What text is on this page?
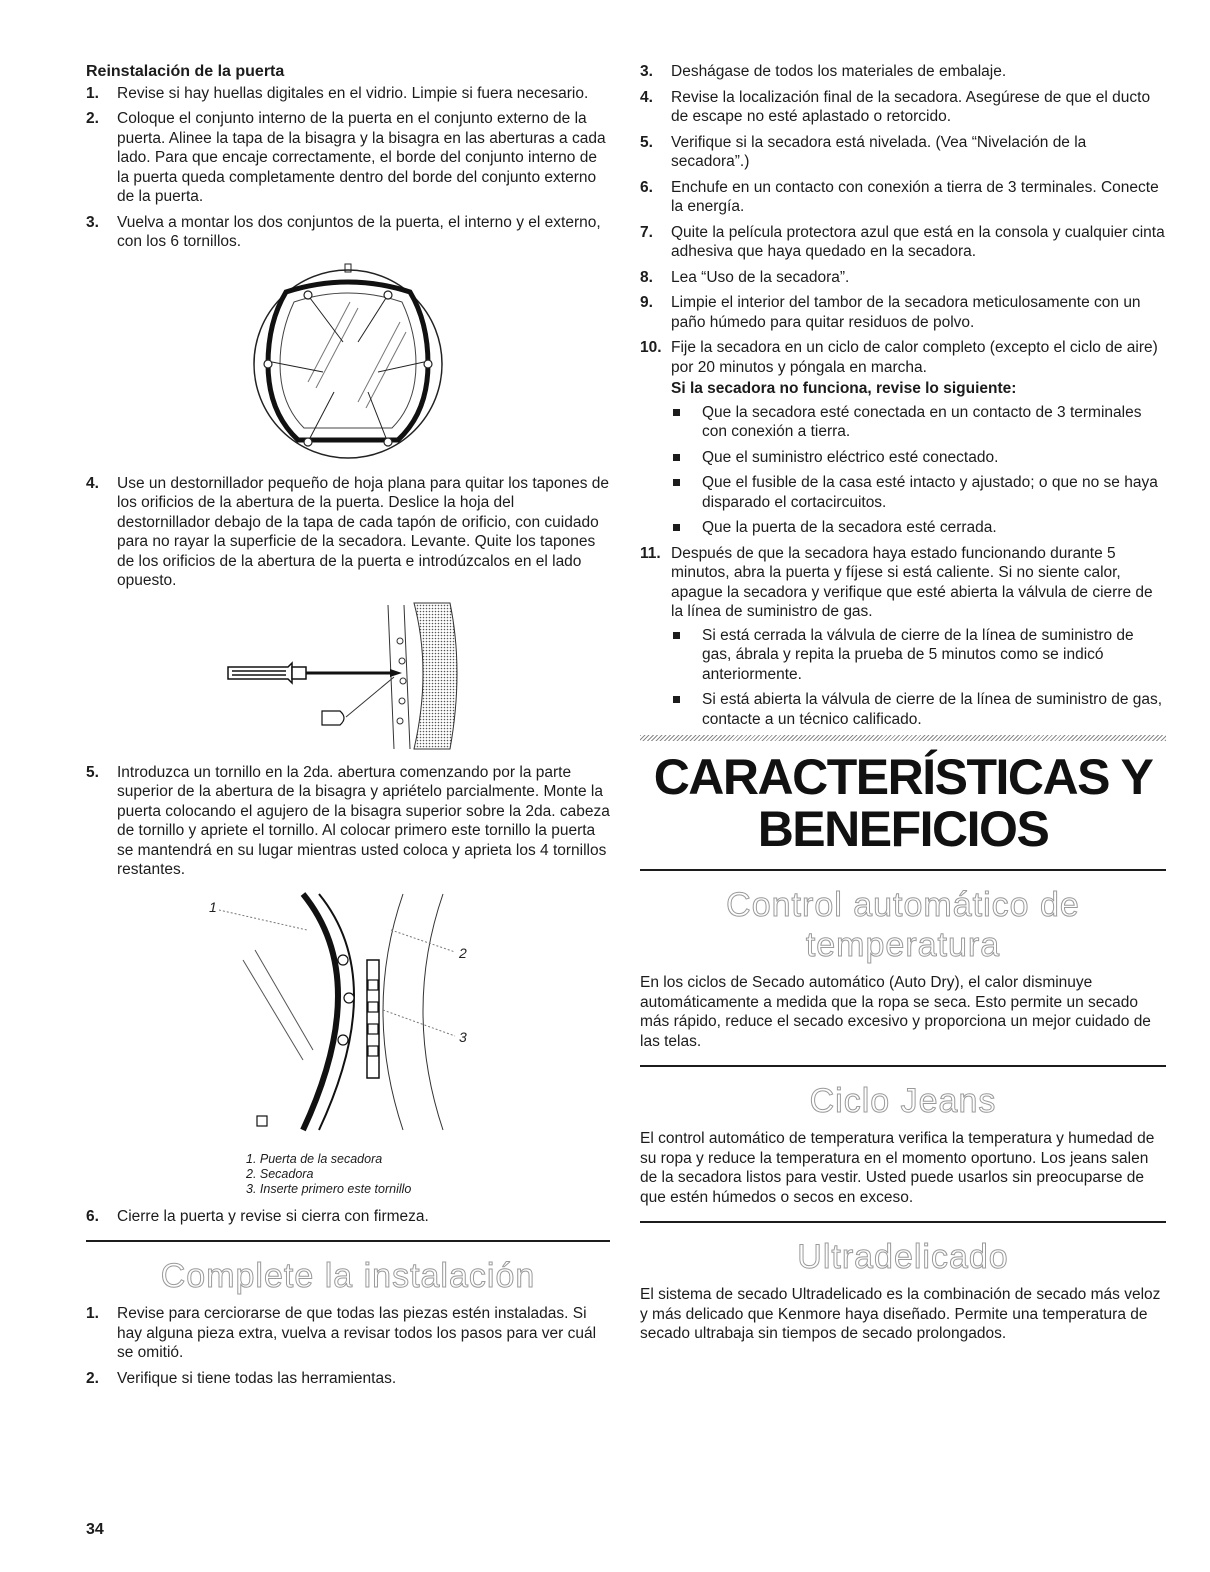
Reinstalación de la puerta
1. Revise si hay huellas digitales en el vidrio. Limpie si fuera necesario.
2. Coloque el conjunto interno de la puerta en el conjunto externo de la puerta. Alinee la tapa de la bisagra y la bisagra en las aberturas a cada lado. Para que encaje correctamente, el borde del conjunto interno de la puerta queda completamente dentro del borde del conjunto externo de la puerta.
3. Vuelva a montar los dos conjuntos de la puerta, el interno y el externo, con los 6 tornillos.
4. Use un destornillador pequeño de hoja plana para quitar los tapones de los orificios de la abertura de la puerta. Deslice la hoja del destornillador debajo de la tapa de cada tapón de orificio, con cuidado para no rayar la superficie de la secadora. Levante. Quite los tapones de los orificios de la abertura de la puerta e introdúzcalos en el lado opuesto.
5. Introduzca un tornillo en la 2da. abertura comenzando por la parte superior de la abertura de la bisagra y apriételo parcialmente. Monte la puerta colocando el agujero de la bisagra superior sobre la 2da. cabeza de tornillo y apriete el tornillo. Al colocar primero este tornillo la puerta se mantendrá en su lugar mientras usted coloca y aprieta los 4 tornillos restantes.
1
2
3
1. Puerta de la secadora
2. Secadora
3. Inserte primero este tornillo
6. Cierre la puerta y revise si cierra con firmeza.
Complete la instalación
1. Revise para cerciorarse de que todas las piezas estén instaladas. Si hay alguna pieza extra, vuelva a revisar todos los pasos para ver cuál se omitió.
2. Verifique si tiene todas las herramientas.
3. Deshágase de todos los materiales de embalaje.
4. Revise la localización final de la secadora. Asegúrese de que el ducto de escape no esté aplastado o retorcido.
5. Verifique si la secadora está nivelada. (Vea “Nivelación de la secadora”.)
6. Enchufe en un contacto con conexión a tierra de 3 terminales. Conecte la energía.
7. Quite la película protectora azul que está en la consola y cualquier cinta adhesiva que haya quedado en la secadora.
8. Lea “Uso de la secadora”.
9. Limpie el interior del tambor de la secadora meticulosamente con un paño húmedo para quitar residuos de polvo.
10. Fije la secadora en un ciclo de calor completo (excepto el ciclo de aire) por 20 minutos y póngala en marcha.
Si la secadora no funciona, revise lo siguiente:
Que la secadora esté conectada en un contacto de 3 terminales con conexión a tierra.
Que el suministro eléctrico esté conectado.
Que el fusible de la casa esté intacto y ajustado; o que no se haya disparado el cortacircuitos.
Que la puerta de la secadora esté cerrada.
11. Después de que la secadora haya estado funcionando durante 5 minutos, abra la puerta y fíjese si está caliente. Si no siente calor, apague la secadora y verifique que esté abierta la válvula de cierre de la línea de suministro de gas.
Si está cerrada la válvula de cierre de la línea de suministro de gas, ábrala y repita la prueba de 5 minutos como se indicó anteriormente.
Si está abierta la válvula de cierre de la línea de suministro de gas, contacte a un técnico calificado.
CARACTERÍSTICAS Y
BENEFICIOS
Control automático de temperatura
En los ciclos de Secado automático (Auto Dry), el calor disminuye automáticamente a medida que la ropa se seca. Esto permite un secado más rápido, reduce el secado excesivo y proporciona un mejor cuidado de las telas.
Ciclo Jeans
El control automático de temperatura verifica la temperatura y humedad de su ropa y reduce la temperatura en el momento oportuno. Los jeans salen de la secadora listos para vestir. Usted puede usarlos sin preocuparse de que estén húmedos o secos en exceso.
Ultradelicado
El sistema de secado Ultradelicado es la combinación de secado más veloz y más delicado que Kenmore haya diseñado. Permite una temperatura de secado ultrabaja sin tiempos de secado prolongados.
34
